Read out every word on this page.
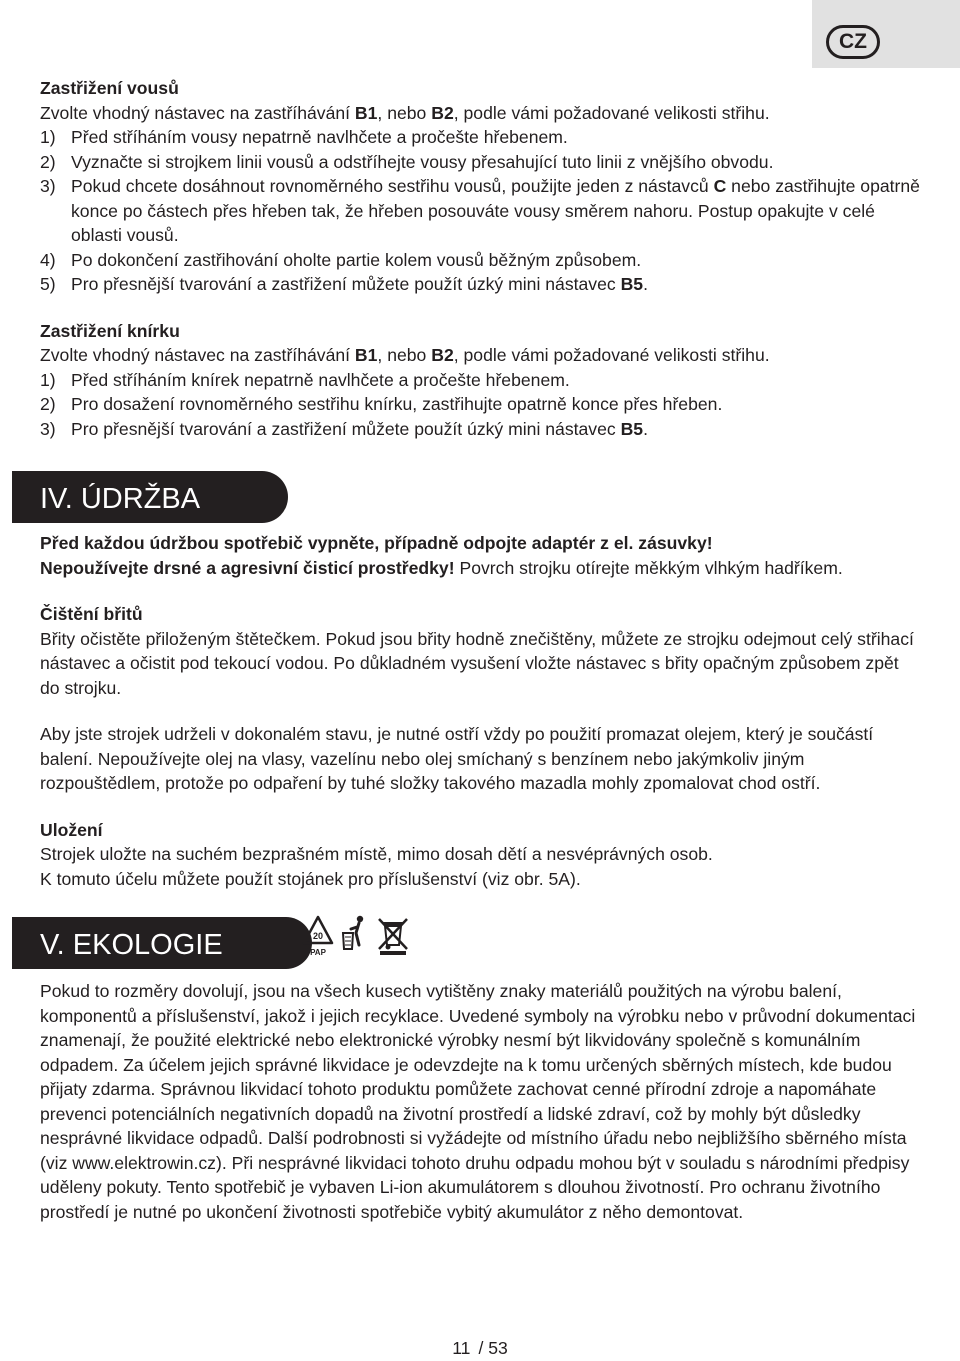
CZ
Zastřižení vousů
Zvolte vhodný nástavec na zastříhávání B1, nebo B2, podle vámi požadované velikosti střihu.
1) Před stříháním vousy nepatrně navlhčete a pročešte hřebenem.
2) Vyznačte si strojkem linii vousů a odstříhejte vousy přesahující tuto linii z vnějšího obvodu.
3) Pokud chcete dosáhnout rovnoměrného sestřihu vousů, použijte jeden z nástavců C nebo zastřihujte opatrně konce po částech přes hřeben tak, že hřeben posouváte vousy směrem nahoru. Postup opakujte v celé oblasti vousů.
4) Po dokončení zastřihování oholte partie kolem vousů běžným způsobem.
5) Pro přesnější tvarování a zastřižení můžete použít úzký mini nástavec B5.
Zastřižení knírku
Zvolte vhodný nástavec na zastříhávání B1, nebo B2, podle vámi požadované velikosti střihu.
1) Před stříháním knírek nepatrně navlhčete a pročešte hřebenem.
2) Pro dosažení rovnoměrného sestřihu knírku, zastřihujte opatrně konce přes hřeben.
3) Pro přesnější tvarování a zastřižení můžete použít úzký mini nástavec B5.
IV. ÚDRŽBA
Před každou údržbou spotřebič vypněte, případně odpojte adaptér z el. zásuvky!
Nepoužívejte drsné a agresivní čisticí prostředky! Povrch strojku otírejte měkkým vlhkým hadříkem.
Čištění břitů
Břity očistěte přiloženým štětečkem. Pokud jsou břity hodně znečištěny, můžete ze strojku odejmout celý střihací nástavec a očistit pod tekoucí vodou. Po důkladném vysušení vložte nástavec s břity opačným způsobem zpět do strojku.
Aby jste strojek udrželi v dokonalém stavu, je nutné ostří vždy po použití promazat olejem, který je součástí balení. Nepoužívejte olej na vlasy, vazelínu nebo olej smíchaný s benzínem nebo jakýmkoliv jiným rozpouštědlem, protože po odpaření by tuhé složky takového mazadla mohly zpomalovat chod ostří.
Uložení
Strojek uložte na suchém bezprašném místě, mimo dosah dětí a nesvéprávných osob.
K tomuto účelu můžete použít stojánek pro příslušenství (viz obr. 5A).
V. EKOLOGIE	20
PAP
Pokud to rozměry dovolují, jsou na všech kusech vytištěny znaky materiálů použitých na výrobu balení, komponentů a příslušenství, jakož i jejich recyklace. Uvedené symboly na výrobku nebo v průvodní dokumentaci znamenají, že použité elektrické nebo elektronické výrobky nesmí být likvidovány společně s komunálním odpadem. Za účelem jejich správné likvidace je odevzdejte na k tomu určených sběrných místech, kde budou přijaty zdarma. Správnou likvidací tohoto produktu pomůžete zachovat cenné přírodní zdroje a napomáhate prevenci potenciálních negativních dopadů na životní prostředí a lidské zdraví, což by mohly být důsledky nesprávné likvidace odpadů. Další podrobnosti si vyžádejte od místního úřadu nebo nejbližšího sběrného místa (viz www.elektrowin.cz). Při nesprávné likvidaci tohoto druhu odpadu mohou být v souladu s národními předpisy uděleny pokuty. Tento spotřebič je vybaven Li-ion akumulátorem s dlouhou životností. Pro ochranu životního prostředí je nutné po ukončení životnosti spotřebiče vybitý akumulátor z něho demontovat.
11 / 53
